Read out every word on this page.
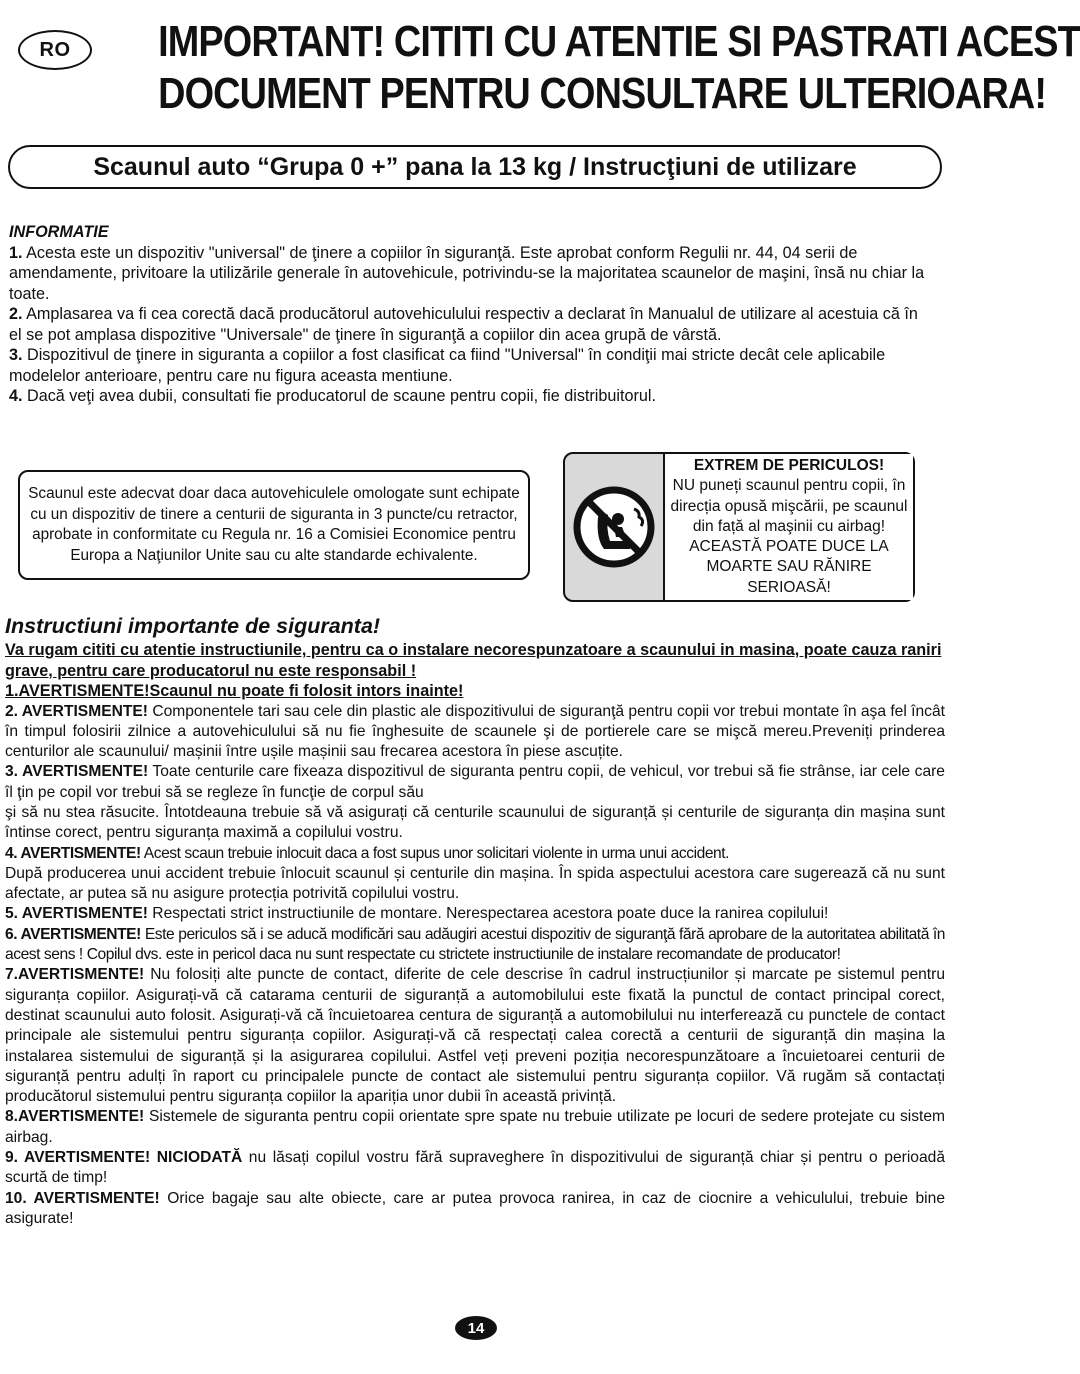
RO	IMPORTANT! CITITI CU ATENTIE SI PASTRATI ACEST
DOCUMENT PENTRU CONSULTARE ULTERIOARA!
Scaunul auto “Grupa 0 +” pana la 13 kg / Instrucţiuni de utilizare
INFORMATIE
1. Acesta este un dispozitiv "universal" de ţinere a copiilor în siguranţă. Este aprobat conform Regulii nr. 44, 04 serii de amendamente, privitoare la utilizările generale în autovehicule, potrivindu-se la majoritatea scaunelor de maşini, însă nu chiar la toate.
2. Amplasarea va fi cea corectă dacă producătorul autovehiculului respectiv a declarat în Manualul de utilizare al acestuia că în el se pot amplasa dispozitive "Universale" de ţinere în siguranţă a copiilor din acea grupă de vârstă.
3. Dispozitivul de ţinere in siguranta a copiilor a fost clasificat ca fiind "Universal" în condiţii mai stricte decât cele aplicabile modelelor anterioare, pentru care nu figura aceasta mentiune.
4. Dacă veţi avea dubii, consultati fie producatorul de scaune pentru copii, fie distribuitorul.
Scaunul este adecvat doar daca autovehiculele omologate sunt echipate cu un dispozitiv de tinere a centurii de siguranta in 3 puncte/cu retractor, aprobate in conformitate cu Regula nr. 16 a Comisiei Economice pentru Europa a Naţiunilor Unite sau cu alte standarde echivalente.
EXTREM DE PERICULOS!
NU puneți scaunul pentru copii, în direcția opusă mişcării, pe scaunul din față al maşinii cu airbag! ACEASTĂ POATE DUCE LA MOARTE SAU RĂNIRE SERIOASĂ!
Instructiuni importante de siguranta!
Va rugam cititi cu atentie instructiunile, pentru ca o instalare necorespunzatoare a scaunului in masina, poate cauza raniri grave, pentru care producatorul nu este responsabil !
1.AVERTISMENTE!Scaunul nu poate fi folosit intors inainte!
2. AVERTISMENTE! Componentele tari sau cele din plastic ale dispozitivului de siguranţă pentru copii vor trebui montate în aşa fel încât în timpul folosirii zilnice a autovehiculului să nu fie înghesuite de scaunele şi de portierele care se mişcă mereu.Preveniți prinderea centurilor ale scaunului/ mașinii între ușile mașinii sau frecarea acestora în piese ascuțite.
3. AVERTISMENTE! Toate centurile care fixeaza dispozitivul de siguranta pentru copii, de vehicul, vor trebui să fie strânse, iar cele care îl ţin pe copil vor trebui să se regleze în funcţie de corpul său
şi să nu stea răsucite. Întotdeauna trebuie să vă asigurați că centurile scaunului de siguranță și centurile de siguranța din mașina sunt întinse corect, pentru siguranța maximă a copilului vostru.
4. AVERTISMENTE! Acest scaun trebuie inlocuit daca a fost supus unor solicitari violente in urma unui accident.
După producerea unui accident trebuie înlocuit scaunul și centurile din mașina. În spida aspectului acestora care sugerează că nu sunt afectate, ar putea să nu asigure protecția potrivită copilului vostru.
5. AVERTISMENTE! Respectati strict instructiunile de montare. Nerespectarea acestora poate duce la ranirea copilului!
6. AVERTISMENTE! Este periculos să i se aducă modificări sau adăugiri acestui dispozitiv de siguranţă fără aprobare de la autoritatea abilitată în acest sens ! Copilul dvs. este in pericol daca nu sunt respectate cu strictete instructiunile de instalare recomandate de producator!
7.AVERTISMENTE! Nu folosiți alte puncte de contact, diferite de cele descrise în cadrul instrucțiunilor și marcate pe sistemul pentru siguranța copiilor. Asigurați-vă că catarama centurii de siguranță a automobilului este fixată la punctul de contact principal corect, destinat scaunului auto folosit. Asigurați-vă că încuietoarea centura de siguranță a automobilului nu interferează cu punctele de contact principale ale sistemului pentru siguranța copiilor. Asigurați-vă că respectați calea corectă a centurii de siguranță din mașina la instalarea sistemului de siguranță și la asigurarea copilului. Astfel veți preveni poziția necorespunzătoare a încuietoarei centurii de siguranță pentru adulți în raport cu principalele puncte de contact ale sistemului pentru siguranța copiilor. Vă rugăm să contactați producătorul sistemului pentru siguranța copiilor la apariția unor dubii în această privință.
8.AVERTISMENTE! Sistemele de siguranta pentru copii orientate spre spate nu trebuie utilizate pe locuri de sedere protejate cu sistem airbag.
9. AVERTISMENTE! NICIODATĂ nu lăsați copilul vostru fără supraveghere în dispozitivului de siguranță chiar și pentru o perioadă scurtă de timp!
10. AVERTISMENTE! Orice bagaje sau alte obiecte, care ar putea provoca ranirea, in caz de ciocnire a vehiculului, trebuie bine asigurate!
14
